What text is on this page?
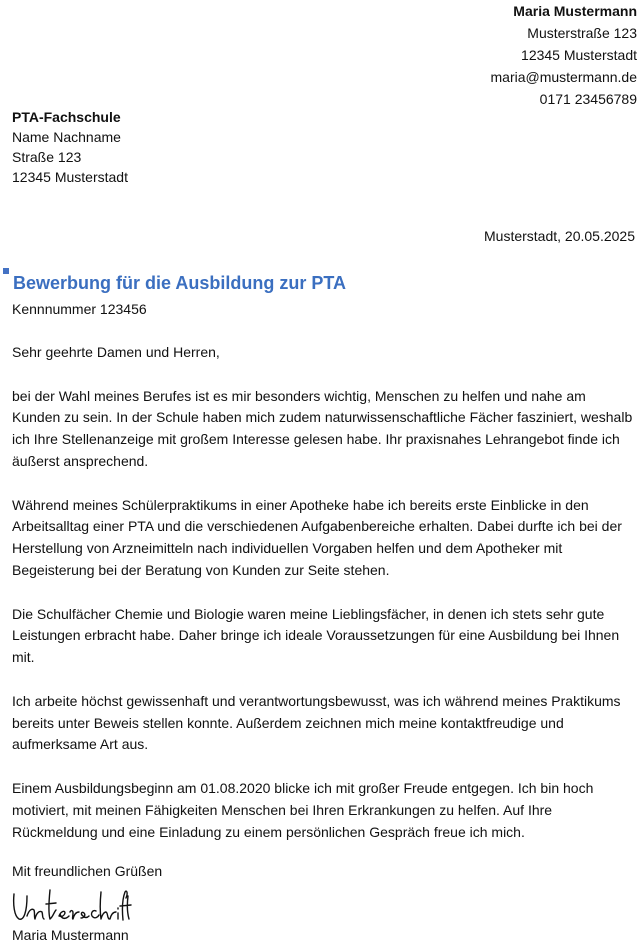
Maria Mustermann
Musterstraße 123
12345 Musterstadt
maria@mustermann.de
0171 23456789
PTA-Fachschule
Name Nachname
Straße 123
12345 Musterstadt
Musterstadt, 20.05.2025
Bewerbung für die Ausbildung zur PTA
Kennnummer 123456

Sehr geehrte Damen und Herren,

bei der Wahl meines Berufes ist es mir besonders wichtig, Menschen zu helfen und nahe am Kunden zu sein. In der Schule haben mich zudem naturwissenschaftliche Fächer fasziniert, weshalb ich Ihre Stellenanzeige mit großem Interesse gelesen habe. Ihr praxisnahes Lehrangebot finde ich äußerst ansprechend.

Während meines Schülerpraktikums in einer Apotheke habe ich bereits erste Einblicke in den Arbeitsalltag einer PTA und die verschiedenen Aufgabenbereiche erhalten. Dabei durfte ich bei der Herstellung von Arzneimitteln nach individuellen Vorgaben helfen und dem Apotheker mit Begeisterung bei der Beratung von Kunden zur Seite stehen.

Die Schulfächer Chemie und Biologie waren meine Lieblingsfächer, in denen ich stets sehr gute Leistungen erbracht habe. Daher bringe ich ideale Voraussetzungen für eine Ausbildung bei Ihnen mit.

Ich arbeite höchst gewissenhaft und verantwortungsbewusst, was ich während meines Praktikums bereits unter Beweis stellen konnte. Außerdem zeichnen mich meine kontaktfreudige und aufmerksame Art aus.

Einem Ausbildungsbeginn am 01.08.2020 blicke ich mit großer Freude entgegen. Ich bin hoch motiviert, mit meinen Fähigkeiten Menschen bei Ihren Erkrankungen zu helfen. Auf Ihre Rückmeldung und eine Einladung zu einem persönlichen Gespräch freue ich mich.

Mit freundlichen Grüßen
Maria Mustermann
